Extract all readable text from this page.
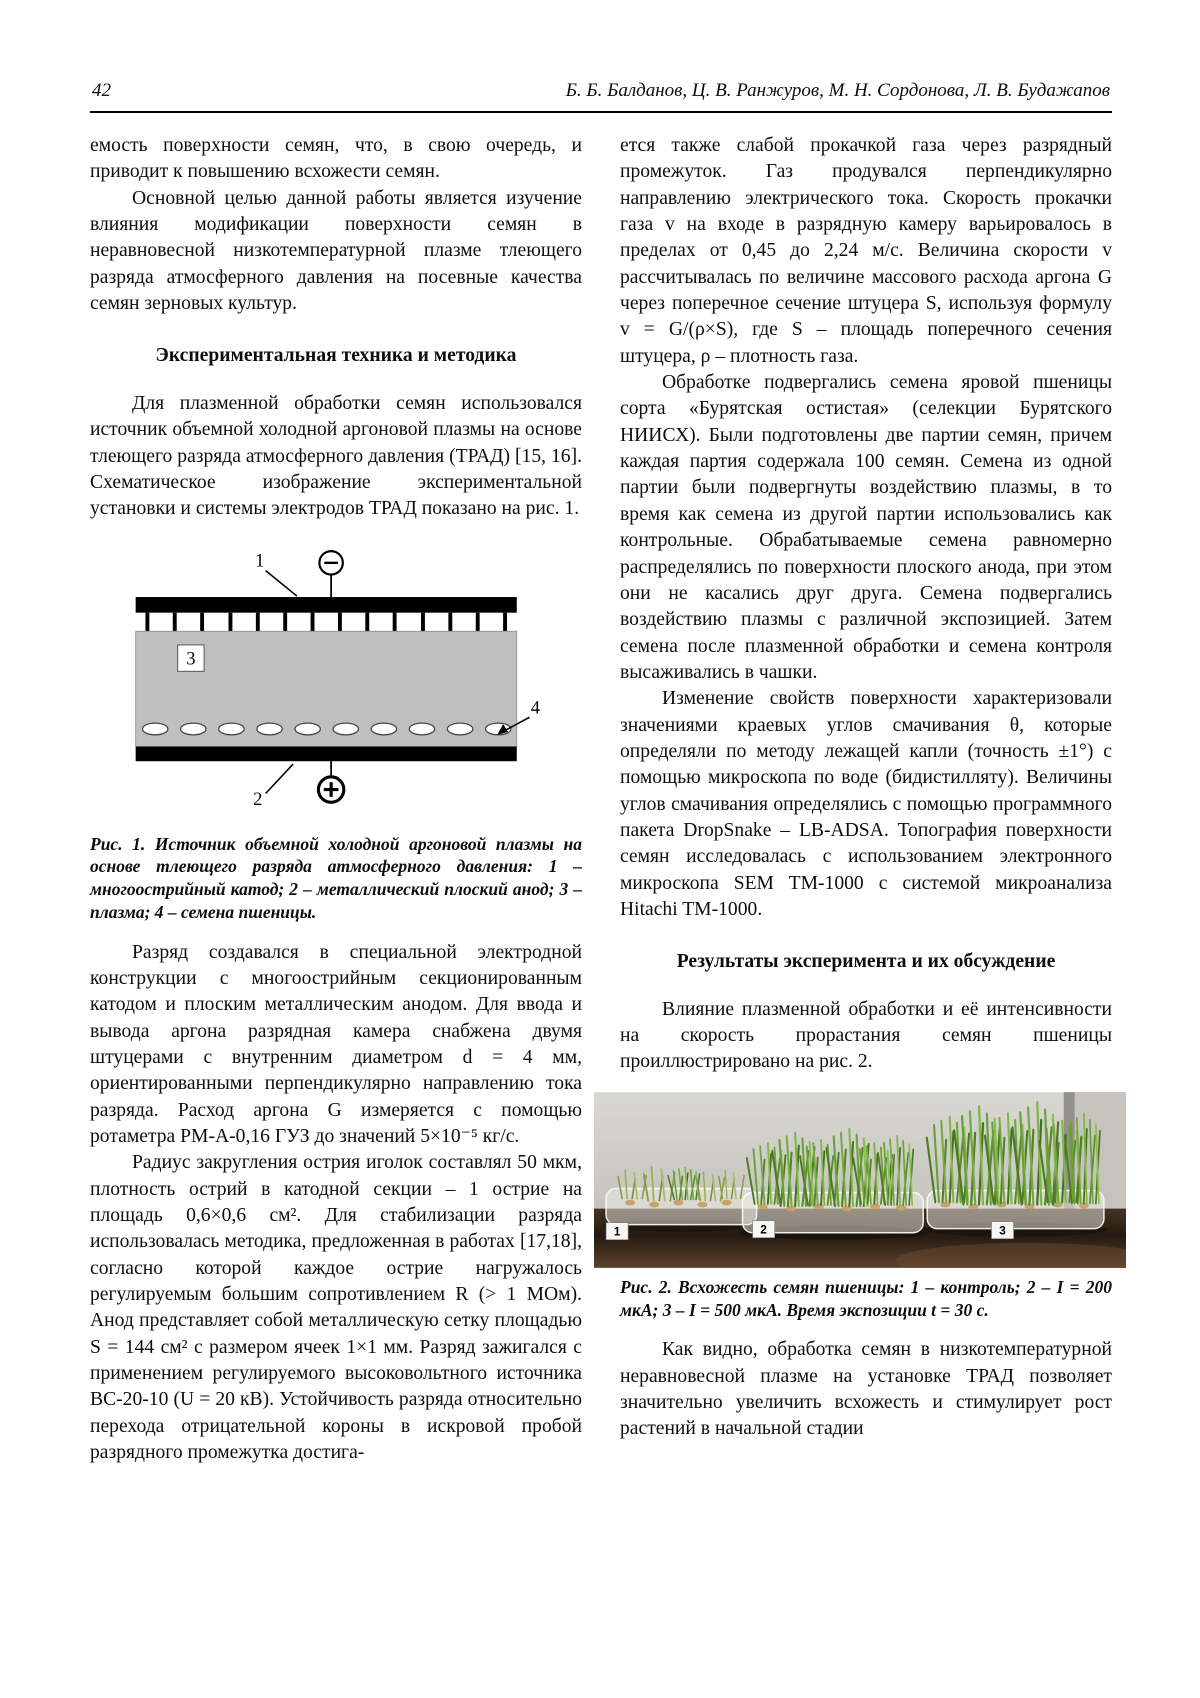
42	Б. Б. Балданов, Ц. В. Ранжуров, М. Н. Сордонова, Л. В. Будажапов

емость поверхности семян, что, в свою очередь, и приводит к повышению всхожести семян.

Основной целью данной работы является изучение влияния модификации поверхности семян в неравновесной низкотемпературной плазме тлеющего разряда атмосферного давления на посевные качества семян зерновых культур.

Экспериментальная техника и методика

Для плазменной обработки семян использовался источник объемной холодной аргоновой плазмы на основе тлеющего разряда атмосферного давления (ТРАД) [15, 16]. Схематическое изображение экспериментальной установки и системы электродов ТРАД показано на рис. 1.

1
3
4
2
Рис. 1. Источник объемной холодной аргоновой плазмы на основе тлеющего разряда атмосферного давления: 1 – многоострийный катод; 2 – металлический плоский анод; 3 – плазма; 4 – семена пшеницы.

Разряд создавался в специальной электродной конструкции с многоострийным секционированным катодом и плоским металлическим анодом. Для ввода и вывода аргона разрядная камера снабжена двумя штуцерами с внутренним диаметром d = 4 мм, ориентированными перпендикулярно направлению тока разряда. Расход аргона G измеряется с помощью ротаметра РМ-А-0,16 ГУЗ до значений 5×10⁻⁵ кг/с.

Радиус закругления острия иголок составлял 50 мкм, плотность острий в катодной секции – 1 острие на площадь 0,6×0,6 см². Для стабилизации разряда использовалась методика, предложенная в работах [17,18], согласно которой каждое острие нагружалось регулируемым большим сопротивлением R (> 1 МОм). Анод представляет собой металлическую сетку площадью S = 144 см² с размером ячеек 1×1 мм. Разряд зажигался с применением регулируемого высоковольтного источника ВС-20-10 (U = 20 кВ). Устойчивость разряда относительно перехода отрицательной короны в искровой пробой разрядного промежутка достига-

ется также слабой прокачкой газа через разрядный промежуток. Газ продувался перпендикулярно направлению электрического тока. Скорость прокачки газа v на входе в разрядную камеру варьировалось в пределах от 0,45 до 2,24 м/с. Величина скорости v рассчитывалась по величине массового расхода аргона G через поперечное сечение штуцера S, используя формулу v = G/(ρ×S), где S – площадь поперечного сечения штуцера, ρ – плотность газа.

Обработке подвергались семена яровой пшеницы сорта «Бурятская остистая» (селекции Бурятского НИИСХ). Были подготовлены две партии семян, причем каждая партия содержала 100 семян. Семена из одной партии были подвергнуты воздействию плазмы, в то время как семена из другой партии использовались как контрольные. Обрабатываемые семена равномерно распределялись по поверхности плоского анода, при этом они не касались друг друга. Семена подвергались воздействию плазмы с различной экспозицией. Затем семена после плазменной обработки и семена контроля высаживались в чашки.

Изменение свойств поверхности характеризовали значениями краевых углов смачивания θ, которые определяли по методу лежащей капли (точность ±1°) с помощью микроскопа по воде (бидистилляту). Величины углов смачивания определялись с помощью программного пакета DropSnake – LB-ADSA. Топография поверхности семян исследовалась с использованием электронного микроскопа SEM TM-1000 с системой микроанализа Hitachi TM-1000.

Результаты эксперимента и их обсуждение

Влияние плазменной обработки и её интенсивности на скорость прорастания семян пшеницы проиллюстрировано на рис. 2.

1	2	3
Рис. 2. Всхожесть семян пшеницы: 1 – контроль; 2 – I = 200 мкА; 3 – I = 500 мкА. Время экспозиции t = 30 с.

Как видно, обработка семян в низкотемпературной неравновесной плазме на установке ТРАД позволяет значительно увеличить всхожесть и стимулирует рост растений в начальной стадии
